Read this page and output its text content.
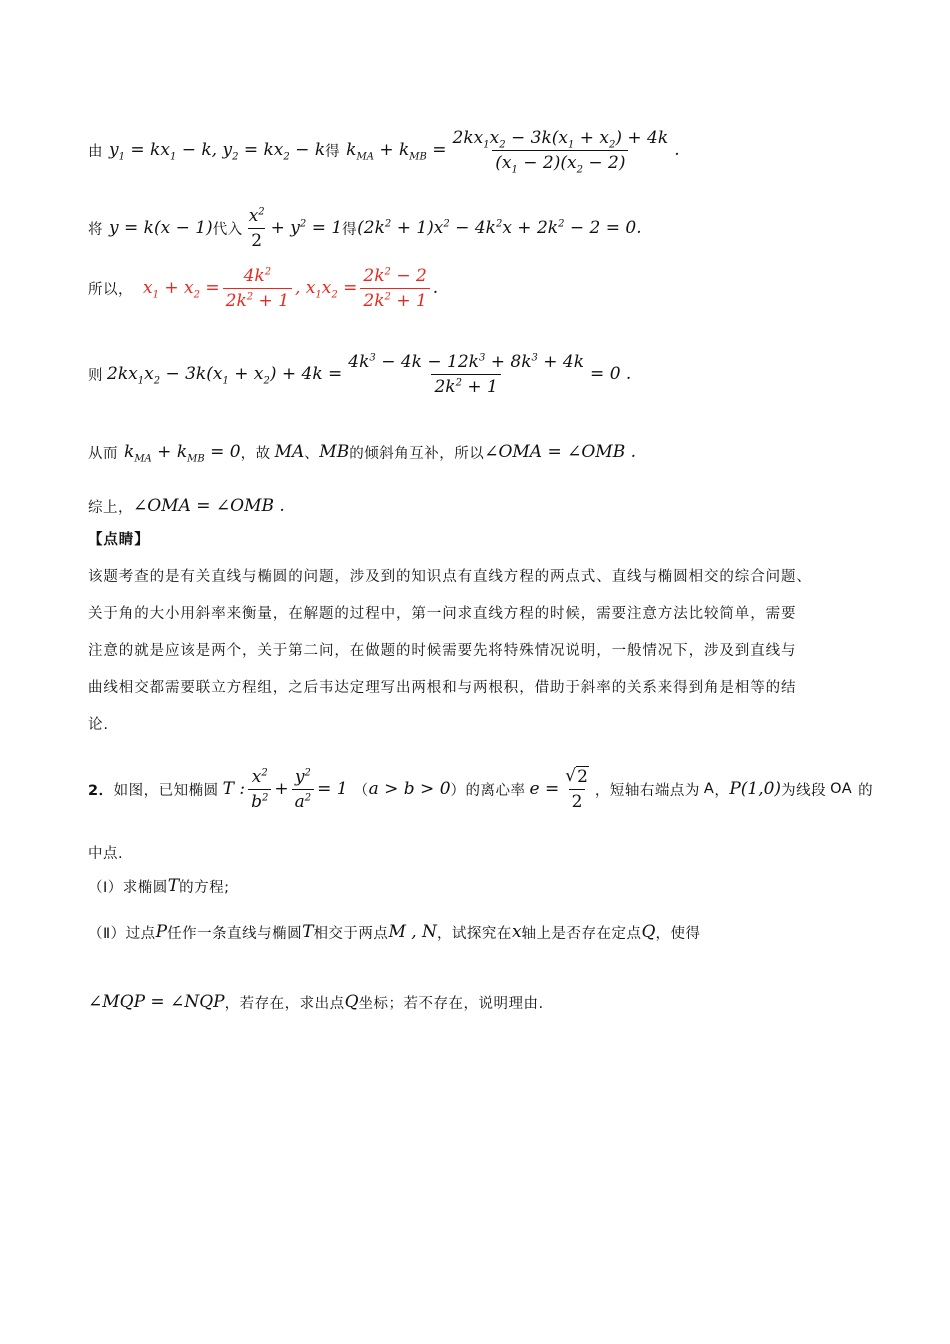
由 $y_1 = kx_1 - k$, $y_2 = kx_2 - k$ 得 $k_{MA} + k_{MB} = \frac{2kx_1x_2 - 3k(x_1 + x_2) + 4k}{(x_1 - 2)(x_2 - 2)}$ .
将 y = k(x − 1) 代入 $\frac{x^2}{2} + y^2 = 1$ 得 $(2k^2 + 1)x^2 - 4k^2x + 2k^2 - 2 = 0$.
所以， $x_1 + x_2 = \frac{4k^2}{2k^2 + 1}$ , $x_1x_2 = \frac{2k^2 - 2}{2k^2 + 1}$ .
则 $2kx_1x_2 - 3k(x_1 + x_2) + 4k = \frac{4k^3 - 4k - 12k^3 + 8k^3 + 4k}{2k^2 + 1} = 0$ .
从而 $k_{MA} + k_{MB} = 0$ ，故 MA 、 MB 的倾斜角互补，所以 ∠OMA = ∠OMB .
综上， ∠OMA = ∠OMB .
【点睛】
该题考查的是有关直线与椭圆的问题，涉及到的知识点有直线方程的两点式、直线与椭圆相交的综合问题、
关于角的大小用斜率来衡量，在解题的过程中，第一问求直线方程的时候，需要注意方法比较简单，需要
注意的就是应该是两个，关于第二问，在做题的时候需要先将特殊情况说明，一般情况下，涉及到直线与
曲线相交都需要联立方程组，之后韦达定理写出两根和与两根积，借助于斜率的关系来得到角是相等的结
论.
2． 如图，已知椭圆 T : $\frac{x^2}{b^2} + \frac{y^2}{a^2} = 1$ （ a > b > 0 ）的离心率 $e = \frac{√ 2}{2}$ ，短轴右端点为 A ， P(1,0) 为线段 OA 的
中点.
（Ⅰ）求椭圆 T 的方程;
（Ⅱ）过点 P 任作一条直线与椭圆 T 相交于两点 M , N ，试探究在 x 轴上是否存在定点 Q ，使得
∠MQP = ∠NQP ，若存在，求出点 Q 坐标；若不存在，说明理由.
